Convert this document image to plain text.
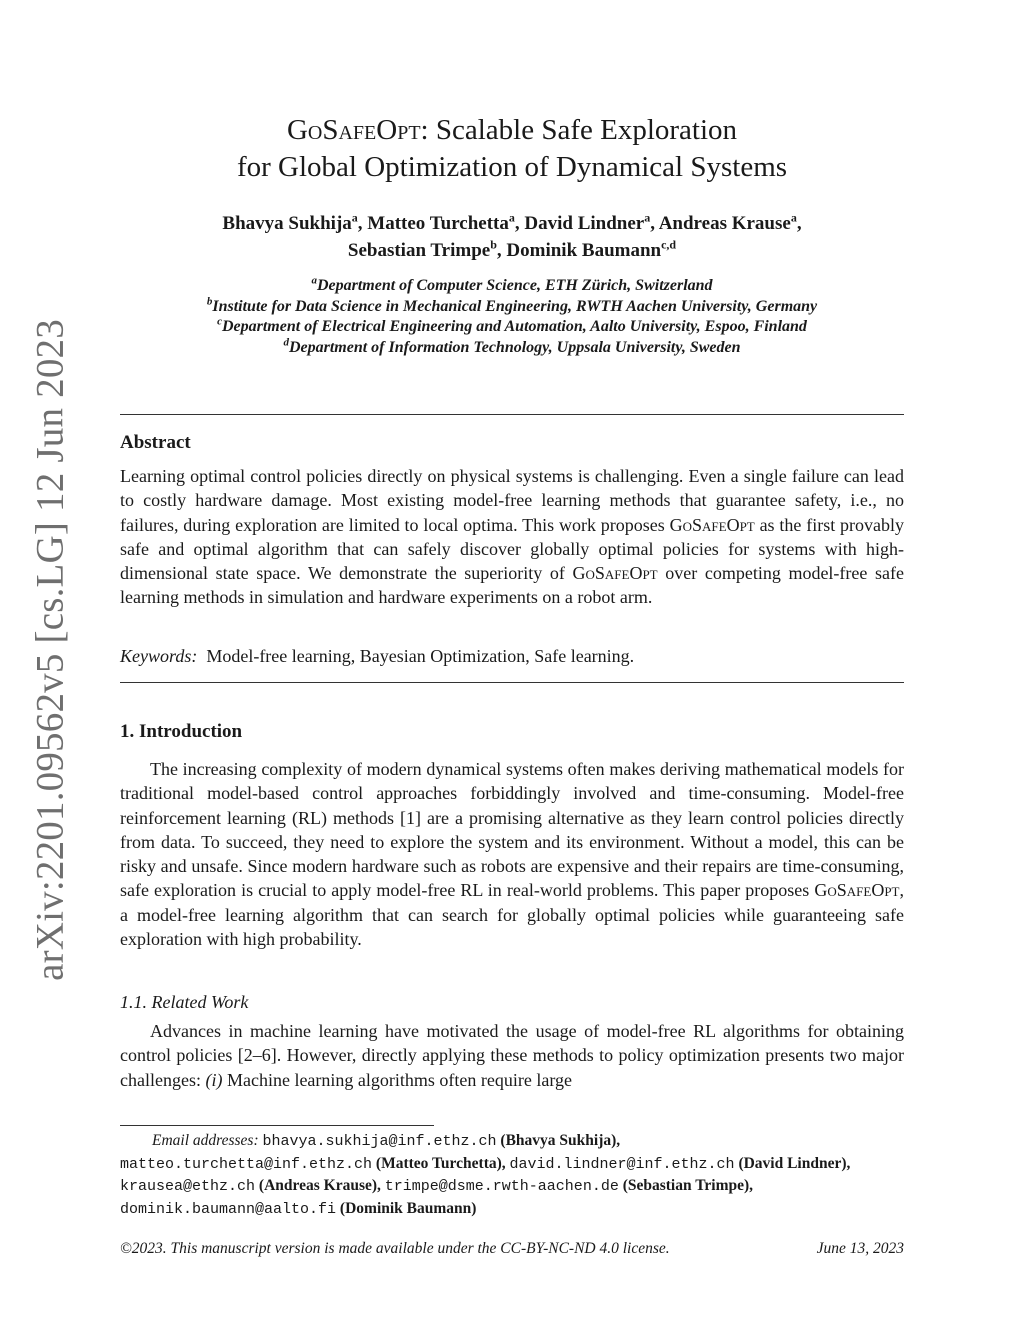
arXiv:2201.09562v5 [cs.LG] 12 Jun 2023
GoSafeOpt: Scalable Safe Exploration
for Global Optimization of Dynamical Systems
Bhavya Sukhija$^a$, Matteo Turchetta$^a$, David Lindner$^a$, Andreas Krause$^a$,
Sebastian Trimpe$^b$, Dominik Baumann$^{c,d}$
$^a$Department of Computer Science, ETH Zürich, Switzerland
$^b$Institute for Data Science in Mechanical Engineering, RWTH Aachen University, Germany
$^c$Department of Electrical Engineering and Automation, Aalto University, Espoo, Finland
$^d$Department of Information Technology, Uppsala University, Sweden
Abstract
Learning optimal control policies directly on physical systems is challenging. Even a single failure can lead to costly hardware damage. Most existing model-free learning methods that guarantee safety, i.e., no failures, during exploration are limited to local optima. This work proposes GoSafeOpt as the first provably safe and optimal algorithm that can safely discover globally optimal policies for systems with high-dimensional state space. We demonstrate the superiority of GoSafeOpt over competing model-free safe learning methods in simulation and hardware experiments on a robot arm.
Keywords: Model-free learning, Bayesian Optimization, Safe learning.
1. Introduction
The increasing complexity of modern dynamical systems often makes deriving mathematical models for traditional model-based control approaches forbiddingly involved and time-consuming. Model-free reinforcement learning (RL) methods [1] are a promising alternative as they learn control policies directly from data. To succeed, they need to explore the system and its environment. Without a model, this can be risky and unsafe. Since modern hardware such as robots are expensive and their repairs are time-consuming, safe exploration is crucial to apply model-free RL in real-world problems. This paper proposes GoSafeOpt, a model-free learning algorithm that can search for globally optimal policies while guaranteeing safe exploration with high probability.
1.1. Related Work
Advances in machine learning have motivated the usage of model-free RL algorithms for obtaining control policies [2–6]. However, directly applying these methods to policy optimization presents two major challenges: (i) Machine learning algorithms often require large
Email addresses: bhavya.sukhija@inf.ethz.ch (Bhavya Sukhija),
matteo.turchetta@inf.ethz.ch (Matteo Turchetta), david.lindner@inf.ethz.ch (David Lindner), krausea@ethz.ch (Andreas Krause), trimpe@dsme.rwth-aachen.de (Sebastian Trimpe),
dominik.baumann@aalto.fi (Dominik Baumann)
©2023. This manuscript version is made available under the CC-BY-NC-ND 4.0 license.	June 13, 2023
